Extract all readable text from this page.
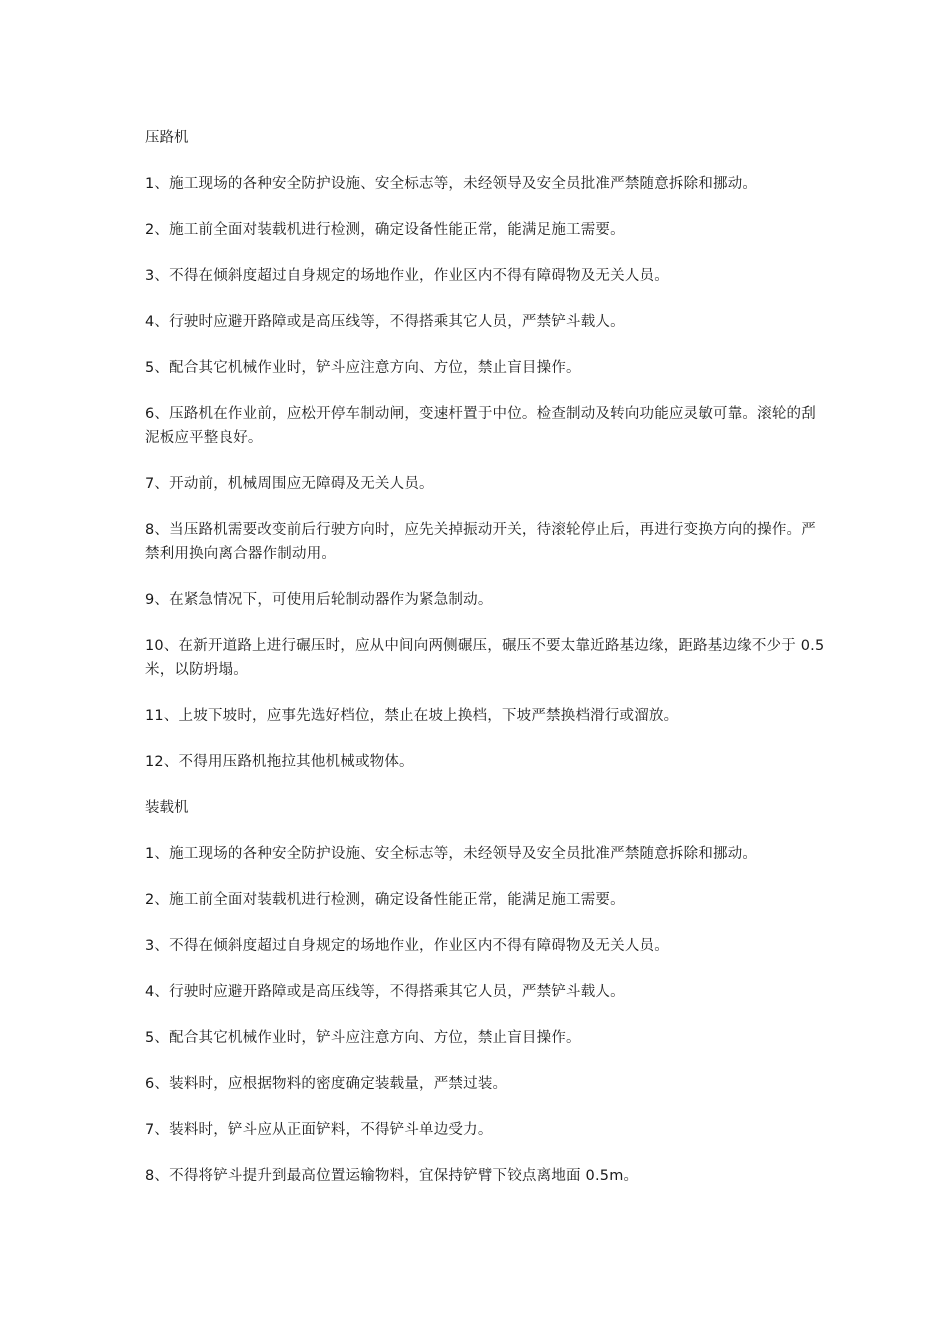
压路机

1、施工现场的各种安全防护设施、安全标志等，未经领导及安全员批准严禁随意拆除和挪动。

2、施工前全面对装载机进行检测，确定设备性能正常，能满足施工需要。

3、不得在倾斜度超过自身规定的场地作业，作业区内不得有障碍物及无关人员。

4、行驶时应避开路障或是高压线等，不得搭乘其它人员，严禁铲斗载人。

5、配合其它机械作业时，铲斗应注意方向、方位，禁止盲目操作。

6、压路机在作业前，应松开停车制动闸，变速杆置于中位。检查制动及转向功能应灵敏可靠。滚轮的刮泥板应平整良好。

7、开动前，机械周围应无障碍及无关人员。

8、当压路机需要改变前后行驶方向时，应先关掉振动开关，待滚轮停止后，再进行变换方向的操作。严禁利用换向离合器作制动用。

9、在紧急情况下，可使用后轮制动器作为紧急制动。

10、在新开道路上进行碾压时，应从中间向两侧碾压，碾压不要太靠近路基边缘，距路基边缘不少于 0.5 米，以防坍塌。

11、上坡下坡时，应事先选好档位，禁止在坡上换档，下坡严禁换档滑行或溜放。

12、不得用压路机拖拉其他机械或物体。

装载机

1、施工现场的各种安全防护设施、安全标志等，未经领导及安全员批准严禁随意拆除和挪动。

2、施工前全面对装载机进行检测，确定设备性能正常，能满足施工需要。

3、不得在倾斜度超过自身规定的场地作业，作业区内不得有障碍物及无关人员。

4、行驶时应避开路障或是高压线等，不得搭乘其它人员，严禁铲斗载人。

5、配合其它机械作业时，铲斗应注意方向、方位，禁止盲目操作。

6、装料时，应根据物料的密度确定装载量，严禁过装。

7、装料时，铲斗应从正面铲料，不得铲斗单边受力。

8、不得将铲斗提升到最高位置运输物料，宜保持铲臂下铰点离地面 0.5m。
